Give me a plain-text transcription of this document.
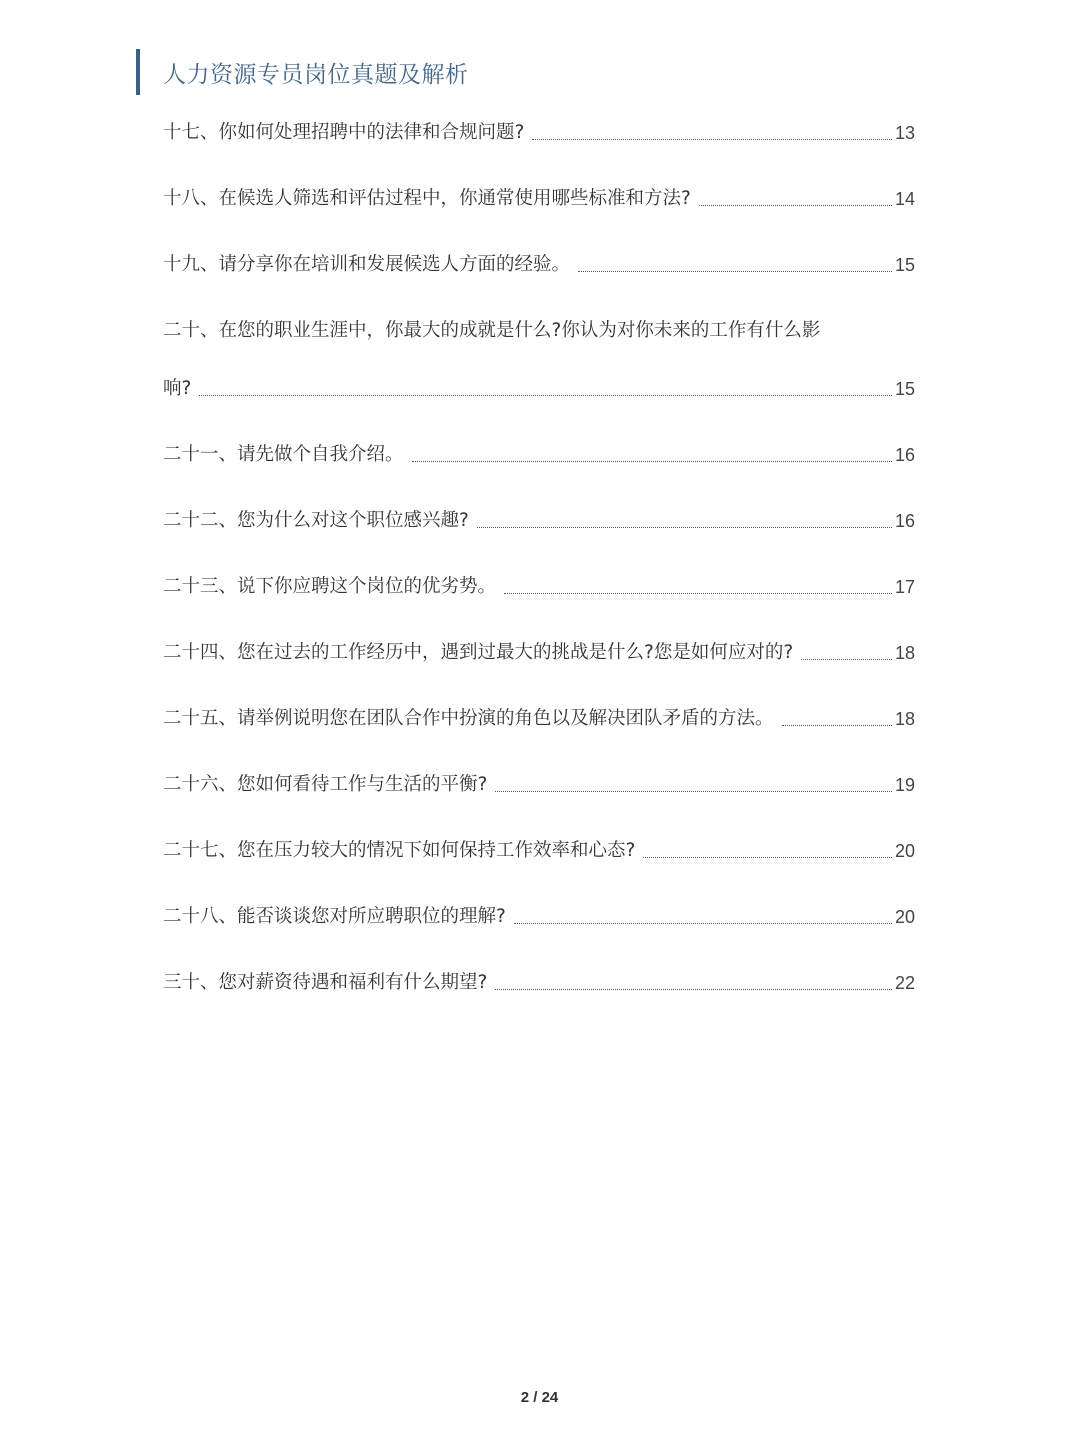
人力资源专员岗位真题及解析
十七、你如何处理招聘中的法律和合规问题?	13
十八、在候选人筛选和评估过程中，你通常使用哪些标准和方法?	14
十九、请分享你在培训和发展候选人方面的经验。	15
二十、在您的职业生涯中，你最大的成就是什么?你认为对你未来的工作有什么影
响?	15
二十一、请先做个自我介绍。	16
二十二、您为什么对这个职位感兴趣?	16
二十三、说下你应聘这个岗位的优劣势。	17
二十四、您在过去的工作经历中，遇到过最大的挑战是什么?您是如何应对的?	18
二十五、请举例说明您在团队合作中扮演的角色以及解决团队矛盾的方法。	18
二十六、您如何看待工作与生活的平衡?	19
二十七、您在压力较大的情况下如何保持工作效率和心态?	20
二十八、能否谈谈您对所应聘职位的理解?	20
三十、您对薪资待遇和福利有什么期望?	22
2 / 24
